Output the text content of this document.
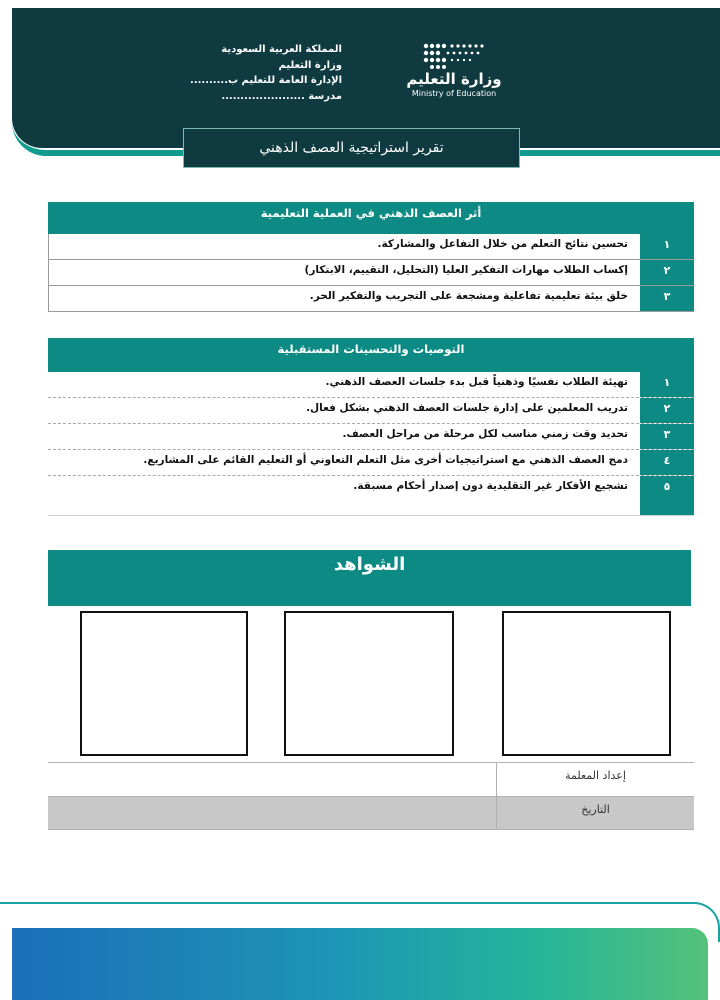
المملكة العربية السعودية
وزارة التعليم
الإدارة العامة للتعليم ب..........
مدرسة ......................
وزارة التعليم
Ministry of Education
تقرير استراتيجية العصف الذهني
أثر العصف الذهني في العملية التعليمية
١
تحسين نتائج التعلم من خلال التفاعل والمشاركة.
٢
إكساب الطلاب مهارات التفكير العليا (التحليل، التقييم، الابتكار)
٣
خلق بيئة تعليمية تفاعلية ومشجعة على التجريب والتفكير الحر.
التوصيات والتحسينات المستقبلية
١
تهيئة الطلاب نفسيًا وذهنياً قبل بدء جلسات العصف الذهني.
٢
تدريب المعلمين على إدارة جلسات العصف الذهني بشكل فعال.
٣
تحديد وقت زمني مناسب لكل مرحلة من مراحل العصف.
٤
دمج العصف الذهني مع استراتيجيات أخرى مثل التعلم التعاوني أو التعليم القائم على المشاريع.
٥
تشجيع الأفكار غير التقليدية دون إصدار أحكام مسبقة.
الشواهد
إعداد المعلمة
التاريخ
